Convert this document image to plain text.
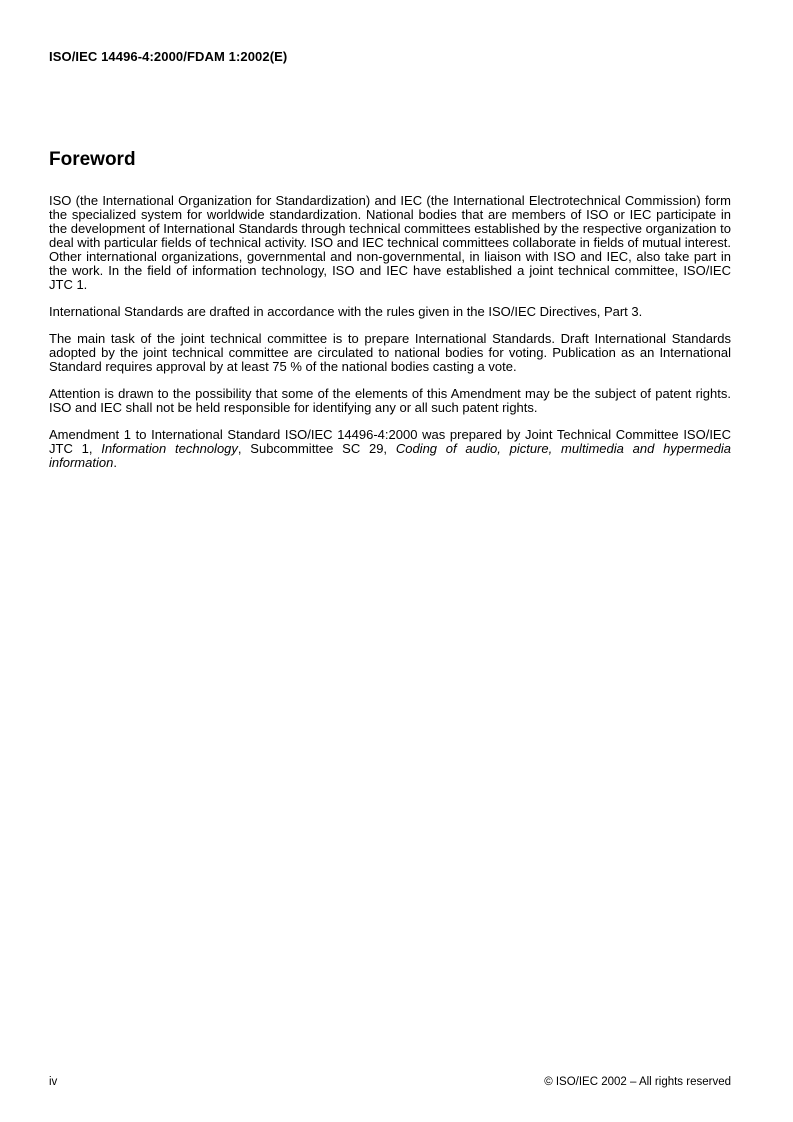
ISO/IEC 14496-4:2000/FDAM 1:2002(E)
Foreword

ISO (the International Organization for Standardization) and IEC (the International Electrotechnical Commission) form the specialized system for worldwide standardization. National bodies that are members of ISO or IEC participate in the development of International Standards through technical committees established by the respective organization to deal with particular fields of technical activity. ISO and IEC technical committees collaborate in fields of mutual interest. Other international organizations, governmental and non-governmental, in liaison with ISO and IEC, also take part in the work. In the field of information technology, ISO and IEC have established a joint technical committee, ISO/IEC JTC 1.

International Standards are drafted in accordance with the rules given in the ISO/IEC Directives, Part 3.

The main task of the joint technical committee is to prepare International Standards. Draft International Standards adopted by the joint technical committee are circulated to national bodies for voting. Publication as an International Standard requires approval by at least 75 % of the national bodies casting a vote.

Attention is drawn to the possibility that some of the elements of this Amendment may be the subject of patent rights. ISO and IEC shall not be held responsible for identifying any or all such patent rights.

Amendment 1 to International Standard ISO/IEC 14496-4:2000 was prepared by Joint Technical Committee ISO/IEC JTC 1, Information technology, Subcommittee SC 29, Coding of audio, picture, multimedia and hypermedia information.

iv	© ISO/IEC 2002 – All rights reserved
